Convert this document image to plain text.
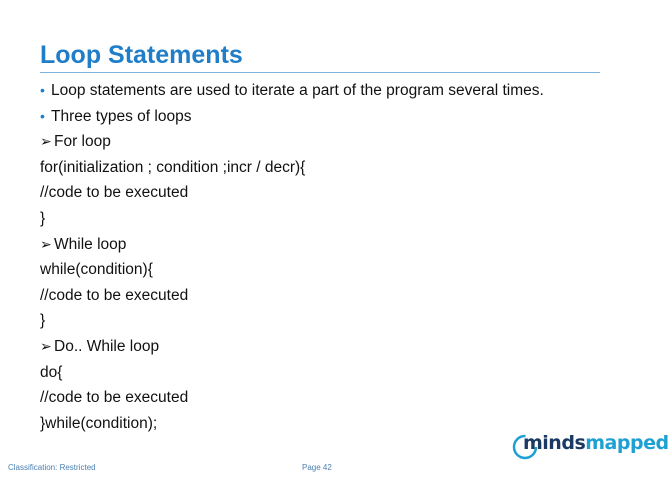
Loop Statements
• Loop statements are used to iterate a part of the program several times.
• Three types of loops
➢ For loop
for(initialization ; condition ;incr / decr){
//code to be executed
}
➢ While loop
while(condition){
//code to be executed
}
➢ Do.. While loop
do{
//code to be executed
}while(condition);
Classification: Restricted	Page 42
mindsmapped
